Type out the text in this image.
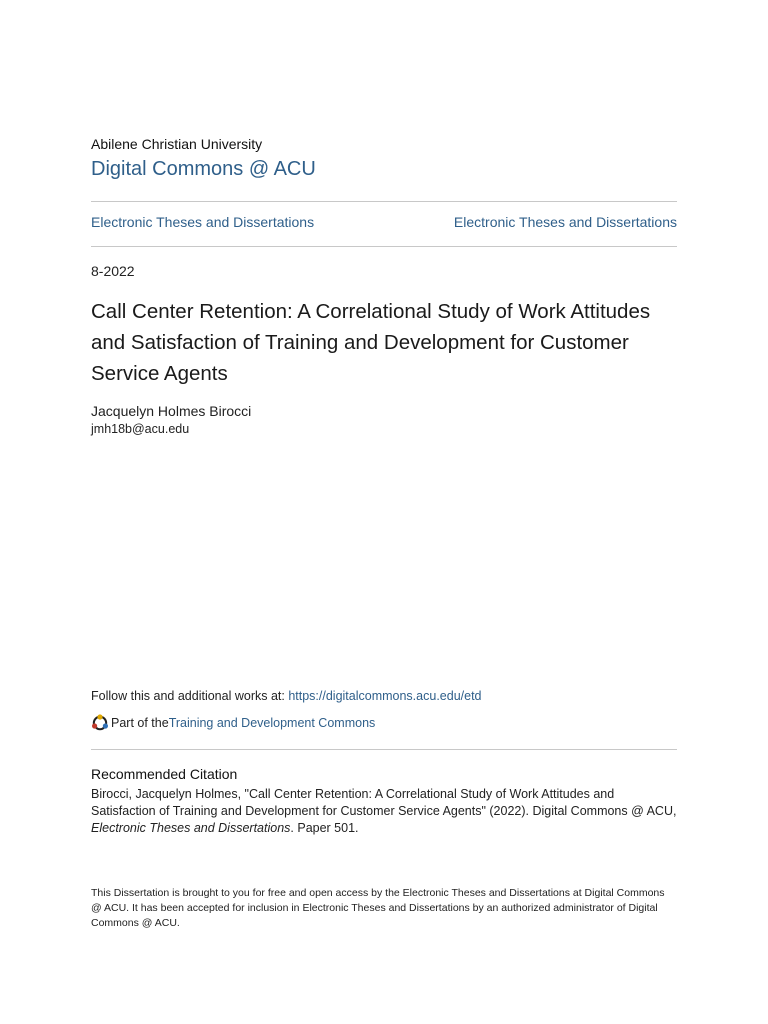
Abilene Christian University
Digital Commons @ ACU
Electronic Theses and Dissertations	Electronic Theses and Dissertations
8-2022
Call Center Retention: A Correlational Study of Work Attitudes and Satisfaction of Training and Development for Customer Service Agents
Jacquelyn Holmes Birocci
jmh18b@acu.edu
Follow this and additional works at: https://digitalcommons.acu.edu/etd
Part of the Training and Development Commons
Recommended Citation
Birocci, Jacquelyn Holmes, "Call Center Retention: A Correlational Study of Work Attitudes and Satisfaction of Training and Development for Customer Service Agents" (2022). Digital Commons @ ACU, Electronic Theses and Dissertations. Paper 501.
This Dissertation is brought to you for free and open access by the Electronic Theses and Dissertations at Digital Commons @ ACU. It has been accepted for inclusion in Electronic Theses and Dissertations by an authorized administrator of Digital Commons @ ACU.
